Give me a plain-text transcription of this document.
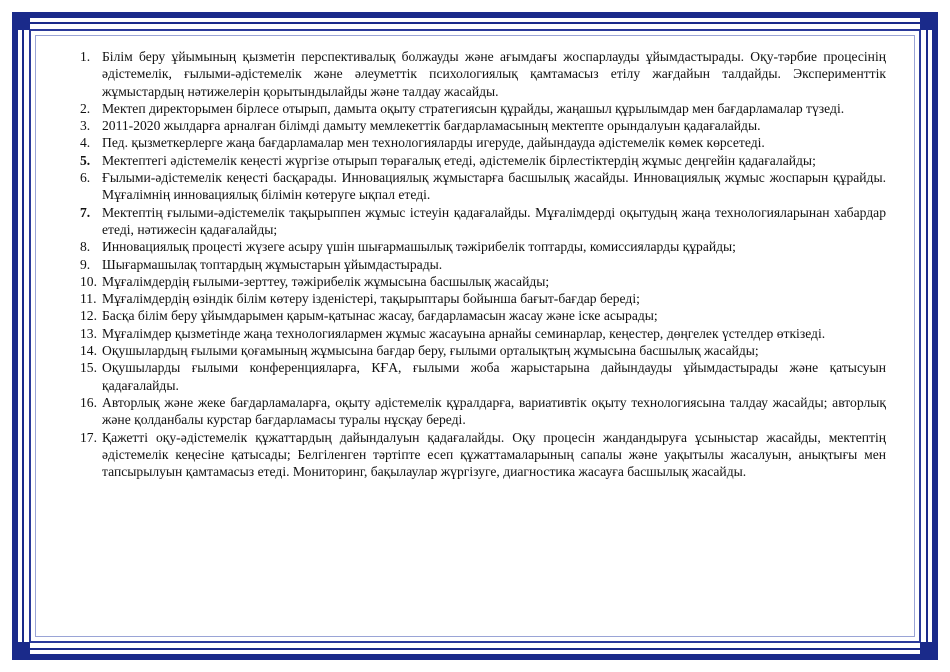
1. Білім беру ұйымының қызметін перспективалық болжауды және ағымдағы жоспарлауды ұйымдастырады. Оқу-тәрбие процесінің әдістемелік, ғылыми-әдістемелік және әлеуметтік психологиялық қамтамасыз етілу жағдайын талдайды. Эксперименттік жұмыстардың нәтижелерін қорытындылайды және талдау жасайды.
2. Мектеп директорымен бірлесе отырып, дамыта оқыту стратегиясын құрайды, жаңашыл құрылымдар мен бағдарламалар түзеді.
3. 2011-2020 жылдарға арналған білімді дамыту мемлекеттік бағдарламасының мектепте орындалуын қадағалайды.
4. Пед. қызметкерлерге жаңа бағдарламалар мен технологияларды игеруде, дайындауда әдістемелік көмек көрсетеді.
5. Мектептегі әдістемелік кеңесті жүргізе отырып төрағалық етеді, әдістемелік бірлестіктердің жұмыс деңгейін қадағалайды;
6. Ғылыми-әдістемелік кеңесті басқарады. Инновациялық жұмыстарға басшылық жасайды. Инновациялық жұмыс жоспарын құрайды. Мұғалімнің инновациялық білімін көтеруге ықпал етеді.
7. Мектептің ғылыми-әдістемелік тақырыппен жұмыс істеуін қадағалайды. Мұғалімдерді оқытудың жаңа технологияларынан хабардар етеді, нәтижесін қадағалайды;
8. Инновациялық процесті жүзеге асыру үшін шығармашылық тәжірибелік топтарды, комиссияларды құрайды;
9. Шығармашылақ топтардың жұмыстарын ұйымдастырады.
10. Мұғалімдердің ғылыми-зерттеу, тәжірибелік жұмысына басшылық жасайды;
11. Мұғалімдердің өзіндік білім көтеру ізденістері, тақырыптары бойынша бағыт-бағдар береді;
12. Басқа білім беру ұйымдарымен қарым-қатынас жасау, бағдарламасын жасау және іске асырады;
13. Мұғалімдер қызметінде жаңа технологиялармен жұмыс жасауына арнайы семинарлар, кеңестер, дөңгелек үстелдер өткізеді.
14. Оқушылардың ғылыми қоғамының жұмысына бағдар беру, ғылыми орталықтың жұмысына басшылық жасайды;
15. Оқушыларды ғылыми конференцияларға, КҒА, ғылыми жоба жарыстарына дайындауды ұйымдастырады және қатысуын қадағалайды.
16. Авторлық және жеке бағдарламаларға, оқыту әдістемелік құралдарға, вариативтік оқыту технологиясына талдау жасайды; авторлық және қолданбалы курстар бағдарламасы туралы нұсқау береді.
17. Қажетті оқу-әдістемелік құжаттардың дайындалуын қадағалайды. Оқу процесін жандандыруға ұсыныстар жасайды, мектептің әдістемелік кеңесіне қатысады; Белгіленген тәртіпте есеп құжаттамаларының сапалы және уақытылы жасалуын, анықтығы мен тапсырылуын қамтамасыз етеді. Мониторинг, бақылаулар жүргізуге, диагностика жасауға басшылық жасайды.
